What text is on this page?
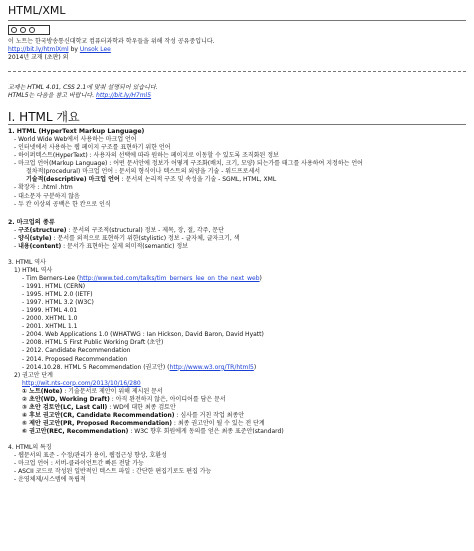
HTML/XML
이 노트는 한국방송통신대학교 컴퓨터과학과 학우들을 위해 작성 공유중입니다.
http://bit.ly/htmlXml by Unsok Lee
2014년 교재 (초판) 외
교재는 HTML 4.01, CSS 2.1에 맞춰 설명되어 있습니다.
HTML5는 다음을 참고 바랍니다. http://bit.ly/H7ml5
I. HTML 개요
1. HTML (HyperText Markup Language)
- World Wide Web에서 사용하는 마크업 언어
- 인터넷에서 사용하는 웹 페이지 구조를 표현하기 위한 언어
- 하이퍼텍스트(HyperText) : 사용자의 선택에 따라 원하는 페이지로 이동할 수 있도록 조직화된 정보
- 마크업 언어(Markup Language) : 어떤 문서안에 정보가 어떻게 구조화(배치, 크기, 모양) 되는가를 태그를 사용하여 지정하는 언어
절차적(procedural) 마크업 언어 : 문서의 형식이나 텍스트의 외양을 기술 - 워드프로세서
기술적(descriptive) 마크업 언어 : 문서의 논리적 구조 및 속성을 기술 - SGML, HTML, XML
- 확장자 : .html .htm
- 대소문자 구분하지 않음
- 두 칸 이상의 공백은 한 칸으로 인식
2. 마크업의 종류
- 구조(structure) : 문서의 구조적(structural) 정보 - 제목, 장, 절, 각주, 문단
- 양식(style) : 문서를 외적으로 표현하기 위한(stylistic) 정보 - 글자체, 글자크기, 색
- 내용(content) : 문서가 표현하는 실제 의미적(semantic) 정보
3. HTML 역사
1) HTML 역사
- Tim Berners-Lee (http://www.ted.com/talks/tim_berners_lee_on_the_next_web)
- 1991. HTML (CERN)
- 1995. HTML 2.0 (IETF)
- 1997. HTML 3.2 (W3C)
- 1999. HTML 4.01
- 2000. XHTML 1.0
- 2001. XHTML 1.1
- 2004. Web Applications 1.0 (WHATWG : Ian Hickson, David Baron, David Hyatt)
- 2008. HTML 5 First Public Working Draft (초안)
- 2012. Candidate Recommendation
- 2014. Proposed Recommendation
- 2014.10.28. HTML 5 Recommendation (권고안) (http://www.w3.org/TR/html5)
2) 권고안 단계
http://wit.nts-corp.com/2013/10/16/280
① 노트(Note) : 기술문서로 제안이 위해 제시된 문서
② 초안(WD, Working Draft) : 아직 완전하지 않은, 아이디어를 담은 문서
③ 초안 검토안(LC, Last Call) : WD에 대한 최종 검토안
④ 후보 권고안(CR, Candidate Recommendation) : 심사를 거친 작업 최종안
⑤ 제안 권고안(PR, Proposed Recommendation) : 최종 권고안이 될 수 있는 전 단계
⑥ 권고안(REC, Recommendation) : W3C 향후 회원에게 동의를 얻은 최종 표준안(standard)
4. HTML의 특징
- 웹문서의 표준 - 수정/관리가 용이, 웹접근성 향상, 호환성
- 마크업 언어 : 서버-클라이언트간 빠른 전달 가능
- ASCII 코드로 작성된 일반적인 텍스트 파일 : 간단한 편집기로도 편집 가능
- 운영체제/시스템에 독립적
